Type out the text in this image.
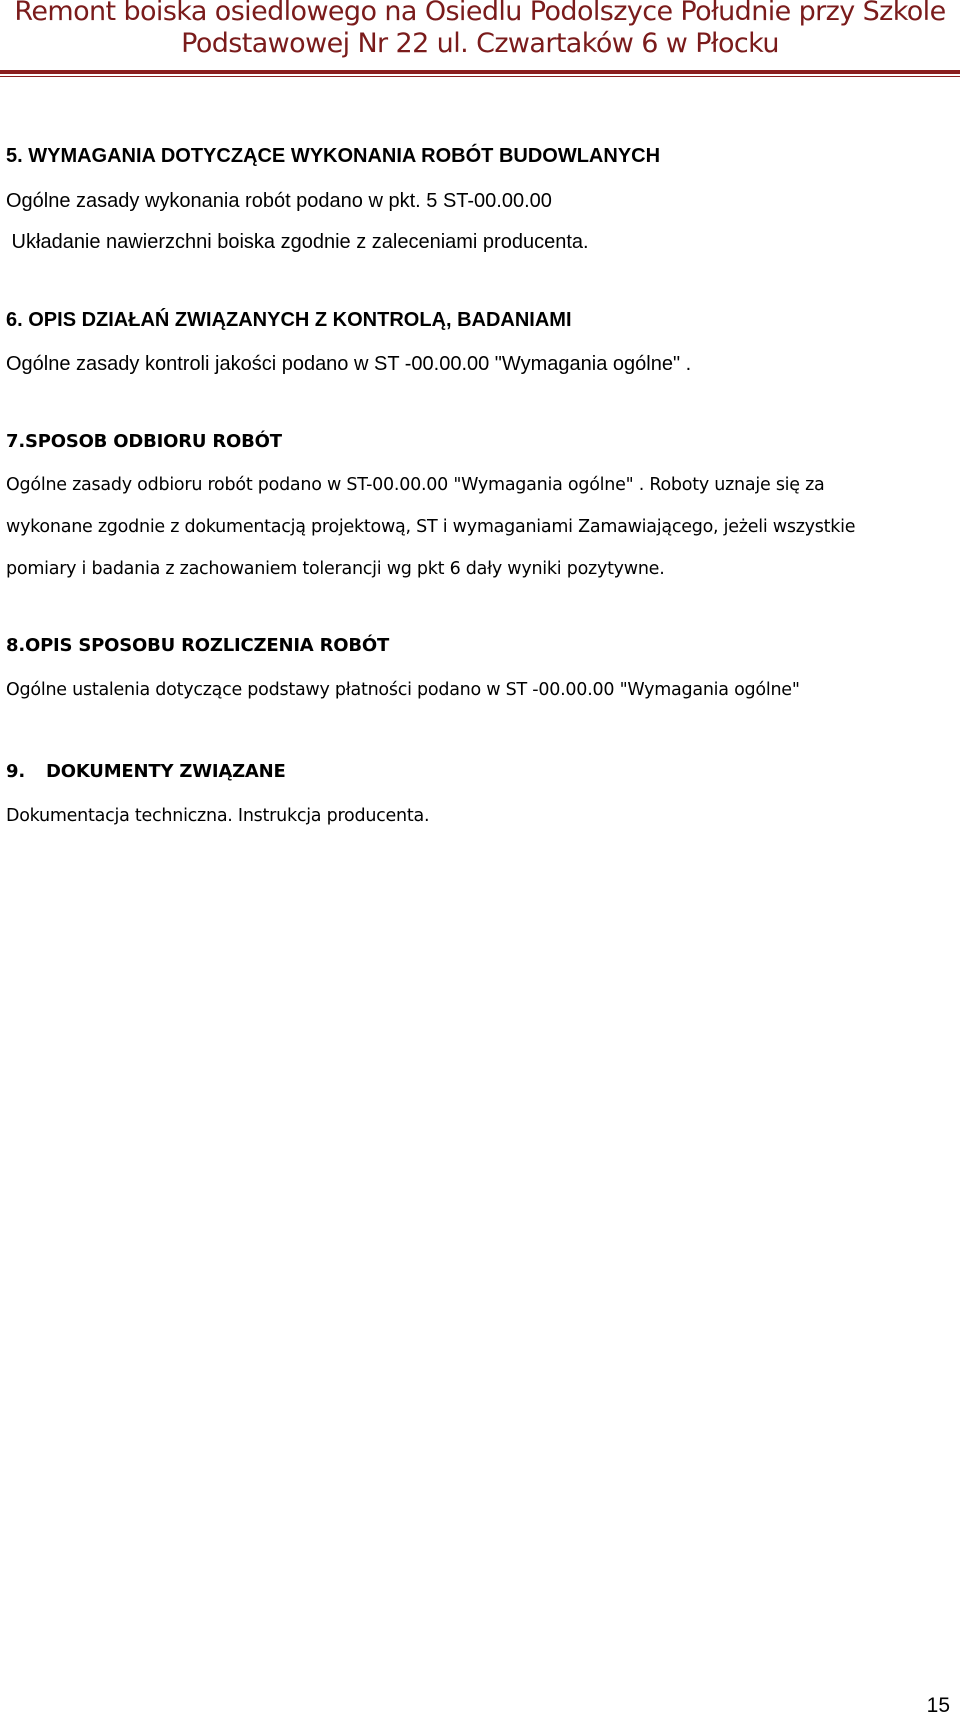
Remont boiska osiedlowego na Osiedlu Podolszyce Południe przy Szkole
Podstawowej Nr 22 ul. Czwartaków 6 w Płocku
5. WYMAGANIA DOTYCZĄCE WYKONANIA ROBÓT BUDOWLANYCH
Ogólne zasady wykonania robót podano w pkt. 5 ST-00.00.00
Układanie nawierzchni boiska zgodnie z zaleceniami producenta.
6. OPIS DZIAŁAŃ ZWIĄZANYCH Z KONTROLĄ, BADANIAMI
Ogólne zasady kontroli jakości podano w ST -00.00.00 "Wymagania ogólne" .
7.SPOSOB ODBIORU ROBÓT
Ogólne zasady odbioru robót podano w ST-00.00.00 "Wymagania ogólne" . Roboty uznaje się za
wykonane zgodnie z dokumentacją projektową, ST i wymaganiami Zamawiającego, jeżeli wszystkie
pomiary i badania z zachowaniem tolerancji wg pkt 6 dały wyniki pozytywne.
8.OPIS SPOSOBU ROZLICZENIA ROBÓT
Ogólne ustalenia dotyczące podstawy płatności podano w ST -00.00.00 "Wymagania ogólne"
9. DOKUMENTY ZWIĄZANE
Dokumentacja techniczna. Instrukcja producenta.
15
